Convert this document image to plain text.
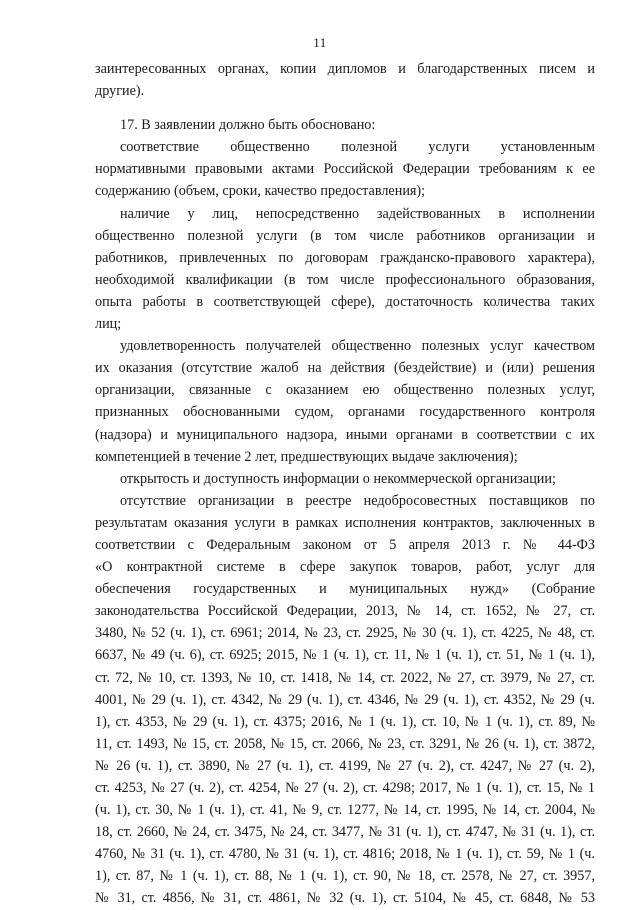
11
заинтересованных органах, копии дипломов и благодарственных писем и
другие).
17. В заявлении должно быть обосновано:
соответствие общественно полезной услуги установленным
нормативными правовыми актами Российской Федерации требованиям к ее
содержанию (объем, сроки, качество предоставления);
наличие у лиц, непосредственно задействованных в исполнении
общественно полезной услуги (в том числе работников организации и
работников, привлеченных по договорам гражданско-правового характера),
необходимой квалификации (в том числе профессионального образования,
опыта работы в соответствующей сфере), достаточность количества таких
лиц;
удовлетворенность получателей общественно полезных услуг качеством
их оказания (отсутствие жалоб на действия (бездействие) и (или) решения
организации, связанные с оказанием ею общественно полезных услуг,
признанных обоснованными судом, органами государственного контроля
(надзора) и муниципального надзора, иными органами в соответствии с их
компетенцией в течение 2 лет, предшествующих выдаче заключения);
открытость и доступность информации о некоммерческой организации;
отсутствие организации в реестре недобросовестных поставщиков по
результатам оказания услуги в рамках исполнения контрактов, заключенных в
соответствии с Федеральным законом от 5 апреля 2013 г. № 44-ФЗ
«О контрактной системе в сфере закупок товаров, работ, услуг для
обеспечения государственных и муниципальных нужд» (Собрание
законодательства Российской Федерации, 2013, № 14, ст. 1652, № 27, ст.
3480, № 52 (ч. 1), ст. 6961; 2014, № 23, ст. 2925, № 30 (ч. 1), ст. 4225, № 48, ст.
6637, № 49 (ч. 6), ст. 6925; 2015, № 1 (ч. 1), ст. 11, № 1 (ч. 1), ст. 51, № 1 (ч. 1),
ст. 72, № 10, ст. 1393, № 10, ст. 1418, № 14, ст. 2022, № 27, ст. 3979, № 27, ст.
4001, № 29 (ч. 1), ст. 4342, № 29 (ч. 1), ст. 4346, № 29 (ч. 1), ст. 4352, № 29 (ч.
1), ст. 4353, № 29 (ч. 1), ст. 4375; 2016, № 1 (ч. 1), ст. 10, № 1 (ч. 1), ст. 89, №
11, ст. 1493, № 15, ст. 2058, № 15, ст. 2066, № 23, ст. 3291, № 26 (ч. 1), ст. 3872,
№ 26 (ч. 1), ст. 3890, № 27 (ч. 1), ст. 4199, № 27 (ч. 2), ст. 4247, № 27 (ч. 2),
ст. 4253, № 27 (ч. 2), ст. 4254, № 27 (ч. 2), ст. 4298; 2017, № 1 (ч. 1), ст. 15, № 1
(ч. 1), ст. 30, № 1 (ч. 1), ст. 41, № 9, ст. 1277, № 14, ст. 1995, № 14, ст. 2004, №
18, ст. 2660, № 24, ст. 3475, № 24, ст. 3477, № 31 (ч. 1), ст. 4747, № 31 (ч. 1), ст.
4760, № 31 (ч. 1), ст. 4780, № 31 (ч. 1), ст. 4816; 2018, № 1 (ч. 1), ст. 59, № 1 (ч.
1), ст. 87, № 1 (ч. 1), ст. 88, № 1 (ч. 1), ст. 90, № 18, ст. 2578, № 27, ст. 3957,
№ 31, ст. 4856, № 31, ст. 4861, № 32 (ч. 1), ст. 5104, № 45, ст. 6848, № 53
